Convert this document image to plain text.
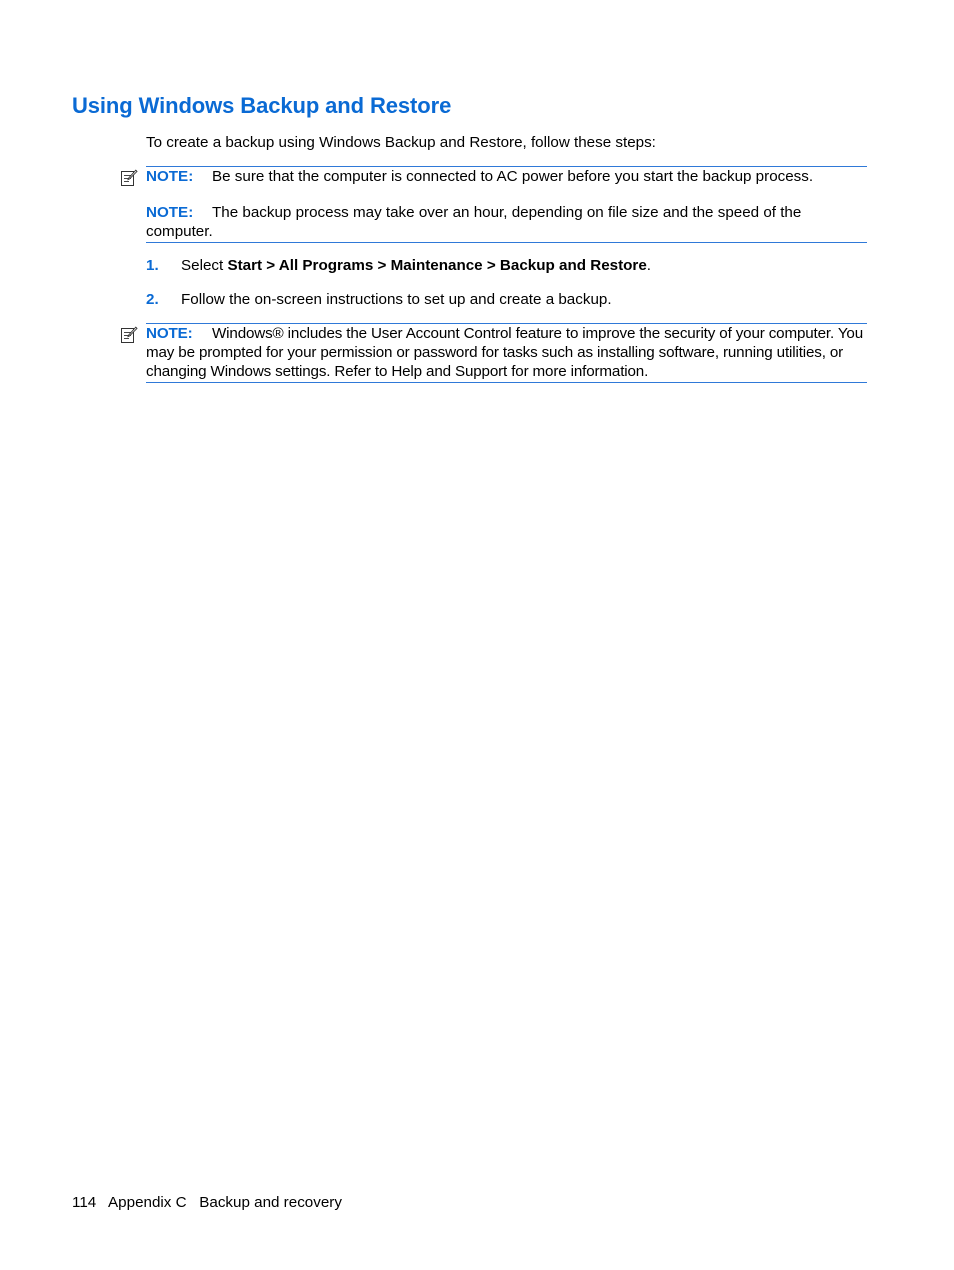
Using Windows Backup and Restore
To create a backup using Windows Backup and Restore, follow these steps:
NOTE: Be sure that the computer is connected to AC power before you start the backup process.
NOTE: The backup process may take over an hour, depending on file size and the speed of the computer.
1. Select Start > All Programs > Maintenance > Backup and Restore.
2. Follow the on-screen instructions to set up and create a backup.
NOTE: Windows® includes the User Account Control feature to improve the security of your computer. You may be prompted for your permission or password for tasks such as installing software, running utilities, or changing Windows settings. Refer to Help and Support for more information.
114 Appendix C Backup and recovery
